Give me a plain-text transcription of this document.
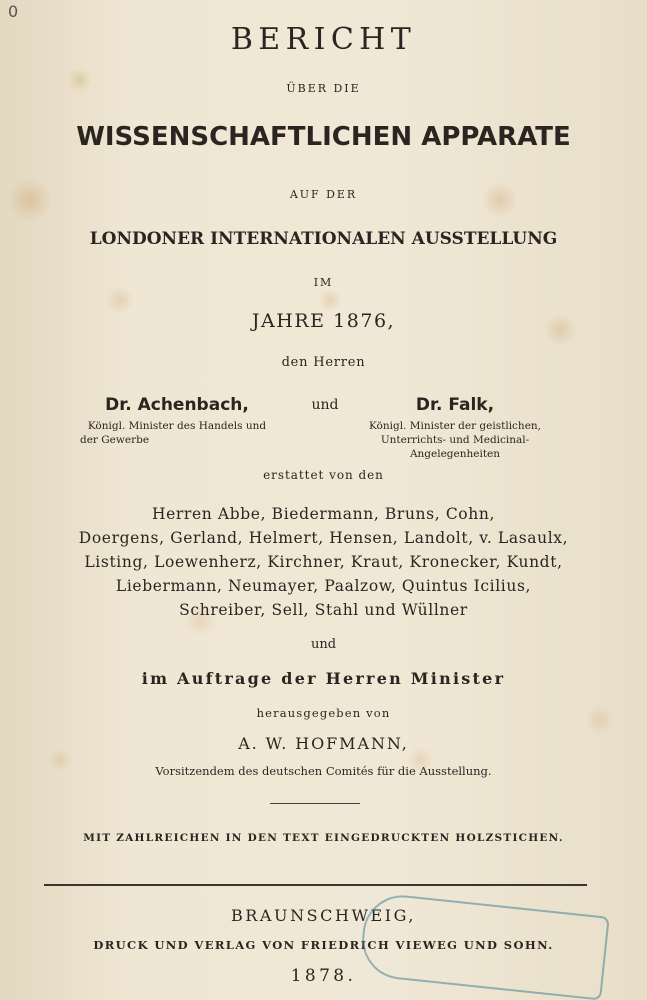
0

BERICHT

ÜBER DIE

WISSENSCHAFTLICHEN APPARATE

AUF DER

LONDONER INTERNATIONALEN AUSSTELLUNG

IM

JAHRE 1876,

den Herren

Dr. Achenbach,
Königl. Minister des Handels und
der Gewerbe
und	Dr. Falk,
Königl. Minister der geistlichen,
Unterrichts- und Medicinal-
Angelegenheiten

erstattet von den

Herren Abbe, Biedermann, Bruns, Cohn,
Doergens, Gerland, Helmert, Hensen, Landolt, v. Lasaulx,
Listing, Loewenherz, Kirchner, Kraut, Kronecker, Kundt,
Liebermann, Neumayer, Paalzow, Quintus Icilius,
Schreiber, Sell, Stahl und Wüllner

und

im Auftrage der Herren Minister

herausgegeben von

A. W. HOFMANN,

Vorsitzendem des deutschen Comités für die Ausstellung.

MIT ZAHLREICHEN IN DEN TEXT EINGEDRUCKTEN HOLZSTICHEN.

BRAUNSCHWEIG,

DRUCK UND VERLAG VON FRIEDRICH VIEWEG UND SOHN.

1878.
